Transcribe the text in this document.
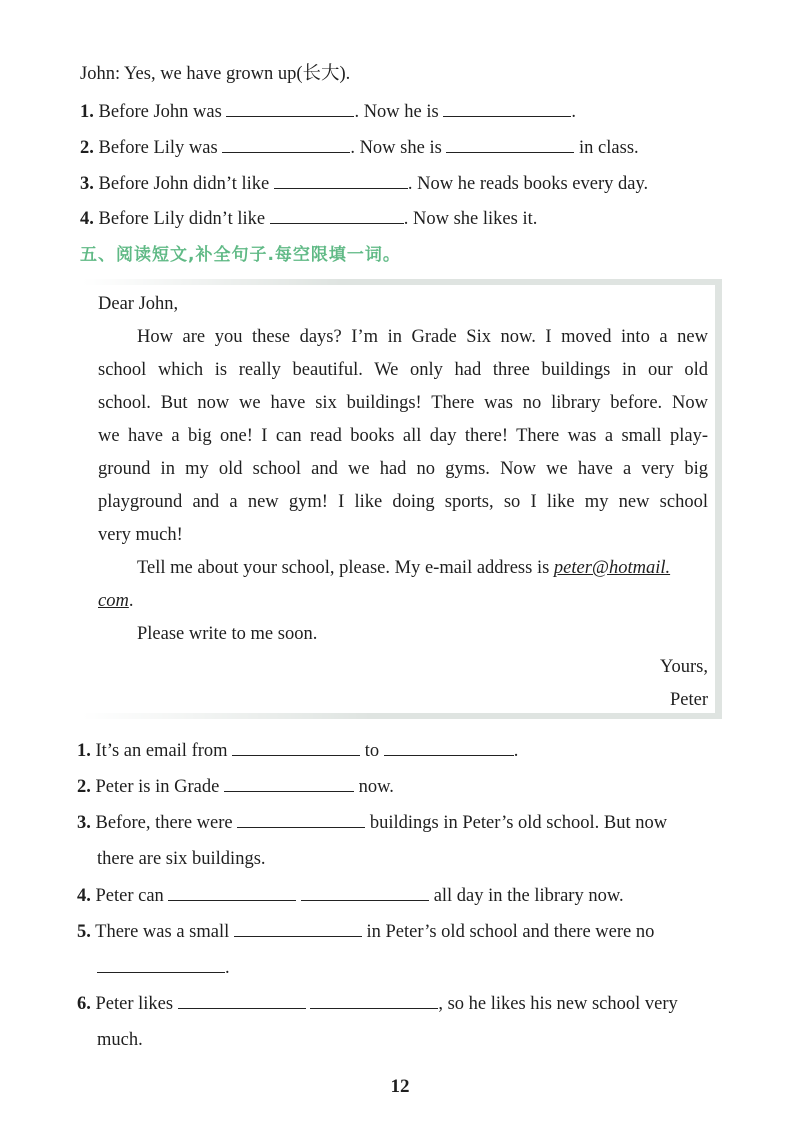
John: Yes, we have grown up(长大).
1. Before John was	. Now he is	.
2. Before Lily was	. Now she is	in class.
3. Before John didn’t like	. Now he reads books every day.
4. Before Lily didn’t like	. Now she likes it.
五、阅读短文,补全句子.每空限填一词。
Dear John,
How are you these days? I’m in Grade Six now. I moved into a new
school which is really beautiful. We only had three buildings in our old
school. But now we have six buildings! There was no library before. Now
we have a big one! I can read books all day there! There was a small play-
ground in my old school and we had no gyms. Now we have a very big
playground and a new gym! I like doing sports, so I like my new school
very much!
Tell me about your school, please. My e-mail address is peter@hotmail.
com.
Please write to me soon.
Yours,
Peter
1. It’s an email from	to	.
2. Peter is in Grade	now.
3. Before, there were	buildings in Peter’s old school. But now
there are six buildings.
4. Peter can	all day in the library now.
5. There was a small	in Peter’s old school and there were no
.
6. Peter likes	, so he likes his new school very
much.
12
